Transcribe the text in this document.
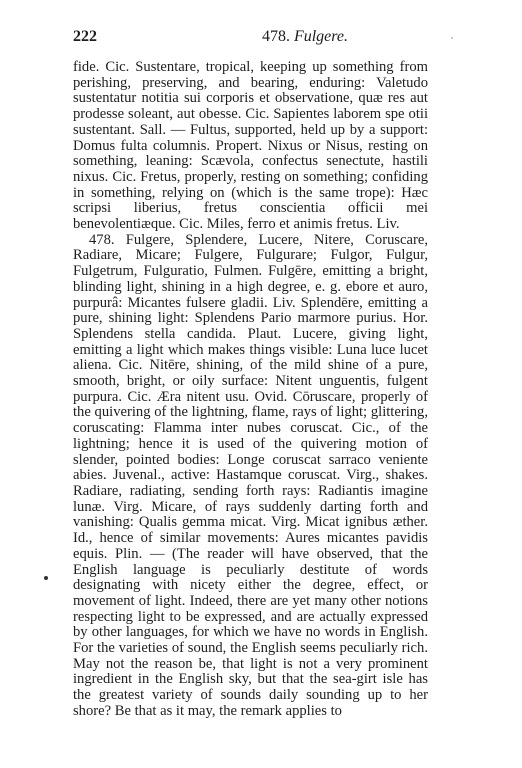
222	478. Fulgere.	˙

fide. Cic. Sustentare, tropical, keeping up something from perishing, preserving, and bearing, enduring: Valetudo sustentatur notitia sui corporis et observatione, quæ res aut prodesse soleant, aut obesse. Cic. Sapientes laborem spe otii sustentant. Sall. — Fultus, supported, held up by a support: Domus fulta columnis. Propert. Nixus or Nisus, resting on something, leaning: Scævola, confectus senectute, hastili nixus. Cic. Fretus, properly, resting on something; confiding in something, relying on (which is the same trope): Hæc scripsi liberius, fretus conscientia officii mei benevolentiæque. Cic. Miles, ferro et animis fretus. Liv.

478. Fulgere, Splendere, Lucere, Nitere, Coruscare, Radiare, Micare; Fulgere, Fulgurare; Fulgor, Fulgur, Fulgetrum, Fulguratio, Fulmen. Fulgēre, emitting a bright, blinding light, shining in a high degree, e. g. ebore et auro, purpurâ: Micantes fulsere gladii. Liv. Splendēre, emitting a pure, shining light: Splendens Pario marmore purius. Hor. Splendens stella candida. Plaut. Lucere, giving light, emitting a light which makes things visible: Luna luce lucet aliena. Cic. Nitēre, shining, of the mild shine of a pure, smooth, bright, or oily surface: Nitent unguentis, fulgent purpura. Cic. Æra nitent usu. Ovid. Cōruscare, properly of the quivering of the lightning, flame, rays of light; glittering, coruscating: Flamma inter nubes coruscat. Cic., of the lightning; hence it is used of the quivering motion of slender, pointed bodies: Longe coruscat sarraco veniente abies. Juvenal., active: Hastamque coruscat. Virg., shakes. Radiare, radiating, sending forth rays: Radiantis imagine lunæ. Virg. Micare, of rays suddenly darting forth and vanishing: Qualis gemma micat. Virg. Micat ignibus æther. Id., hence of similar movements: Aures micantes pavidis equis. Plin. — (The reader will have observed, that the English language is peculiarly destitute of words designating with nicety either the degree, effect, or movement of light. Indeed, there are yet many other notions respecting light to be expressed, and are actually expressed by other languages, for which we have no words in English. For the varieties of sound, the English seems peculiarly rich. May not the reason be, that light is not a very prominent ingredient in the English sky, but that the sea-girt isle has the greatest variety of sounds daily sounding up to her shore? Be that as it may, the remark applies to
